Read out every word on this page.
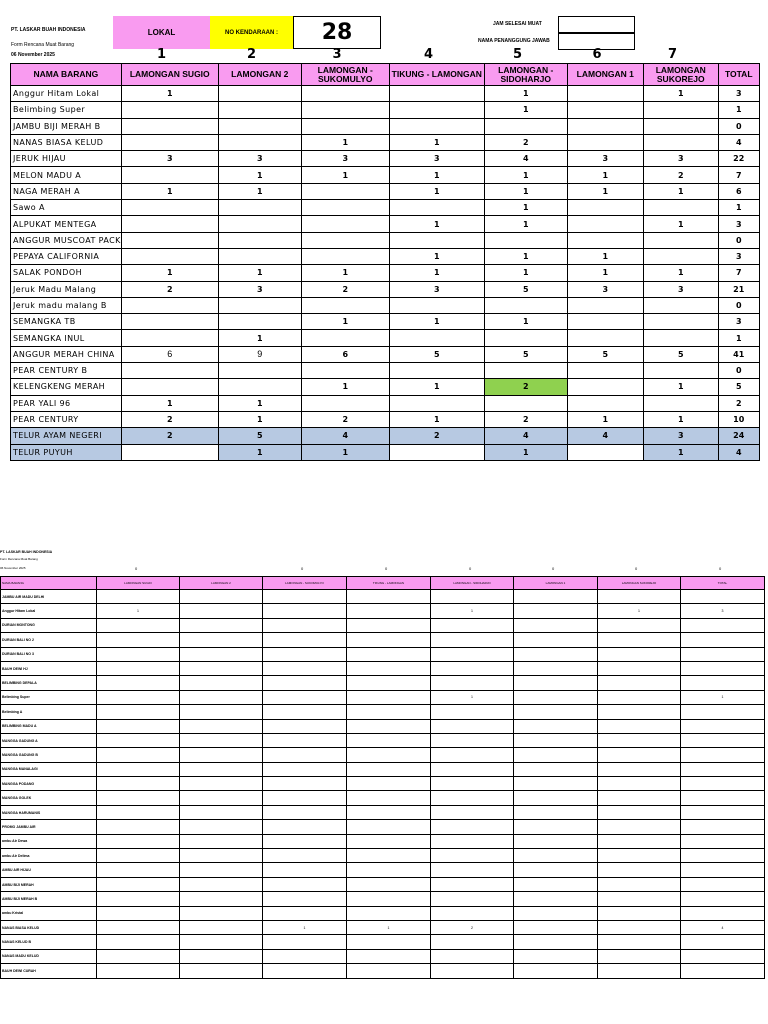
PT. LASKAR BUAH INDONESIA
Form Rencana Muat Barang
06 November 2025
LOKAL	NO KENDARAAN :	28	JAM SELESAI MUAT
NAMA PENANGGUNG JAWAB
1	2	3	4	5	6	7
NAMA BARANG	LAMONGAN SUGIO	LAMONGAN 2	LAMONGAN - SUKOMULYO	TIKUNG - LAMONGAN	LAMONGAN - SIDOHARJO	LAMONGAN 1	LAMONGAN SUKOREJO	TOTAL
Anggur Hitam Lokal	1				1		1	3
Belimbing Super					1			1
JAMBU BIJI MERAH B								0
NANAS BIASA KELUD			1	1	2			4
JERUK HIJAU	3	3	3	3	4	3	3	22
MELON MADU A		1	1	1	1	1	2	7
NAGA MERAH A	1	1		1	1	1	1	6
Sawo A					1			1
ALPUKAT MENTEGA				1	1		1	3
ANGGUR MUSCOAT PACK								0
PEPAYA CALIFORNIA				1	1	1		3
SALAK PONDOH	1	1	1	1	1	1	1	7
Jeruk Madu Malang	2	3	2	3	5	3	3	21
Jeruk madu malang B								0
SEMANGKA TB			1	1	1			3
SEMANGKA INUL		1						1
ANGGUR MERAH CHINA	6	9	6	5	5	5	5	41
PEAR CENTURY B								0
KELENGKENG MERAH			1	1	2		1	5
PEAR YALI 96	1	1						2
PEAR CENTURY	2	1	2	1	2	1	1	10
TELUR AYAM NEGERI	2	5	4	2	4	4	3	24
TELUR PUYUH		1	1		1		1	4
PT. LASKAR BUAH INDONESIA
Form Rencana Muat Barang
06 November 2025	0	0	0	0	0	0	0
NAMA BARANG	LAMONGAN SUGIO	LAMONGAN 2	LAMONGAN - SUKOMULYO	TIKUNG - LAMONGAN	LAMONGAN - SIDOHARJO	LAMONGAN 1	LAMONGAN SUKOREJO	TOTAL
JAMBU AIR MADU DELHI								
Anggur Hitam Lokal	1				1		1	3
DURIAN MONTONG								
DURIAN BALI NO 2								
DURIAN BALI NO 3								
BAUH DEWI HJ								
BELIMBING DEPALA								
Belimbing Super					1			1
Belimbing A								
BELIMBING MADU A								
MANGGA GADUNG A								
MANGGA GADUNG B								
MANGGA MANALAGI								
MANGGA PODANG								
MANGGA GOLEK								
MANGGA HARUMANIS								
PROMO JAMBU AIR								
ambu Air Dewa								
ambu Air Delima								
AMBU AIR HIJAU								
AMBU BIJI MERAH								
AMBU BIJI MERAH B								
ambu Kristal								
NANAS BIASA KELUD			1	1	2			4
NANAS KELUD B								
NANAS MADU KELUD								
BAUH DEWI CURAH								
